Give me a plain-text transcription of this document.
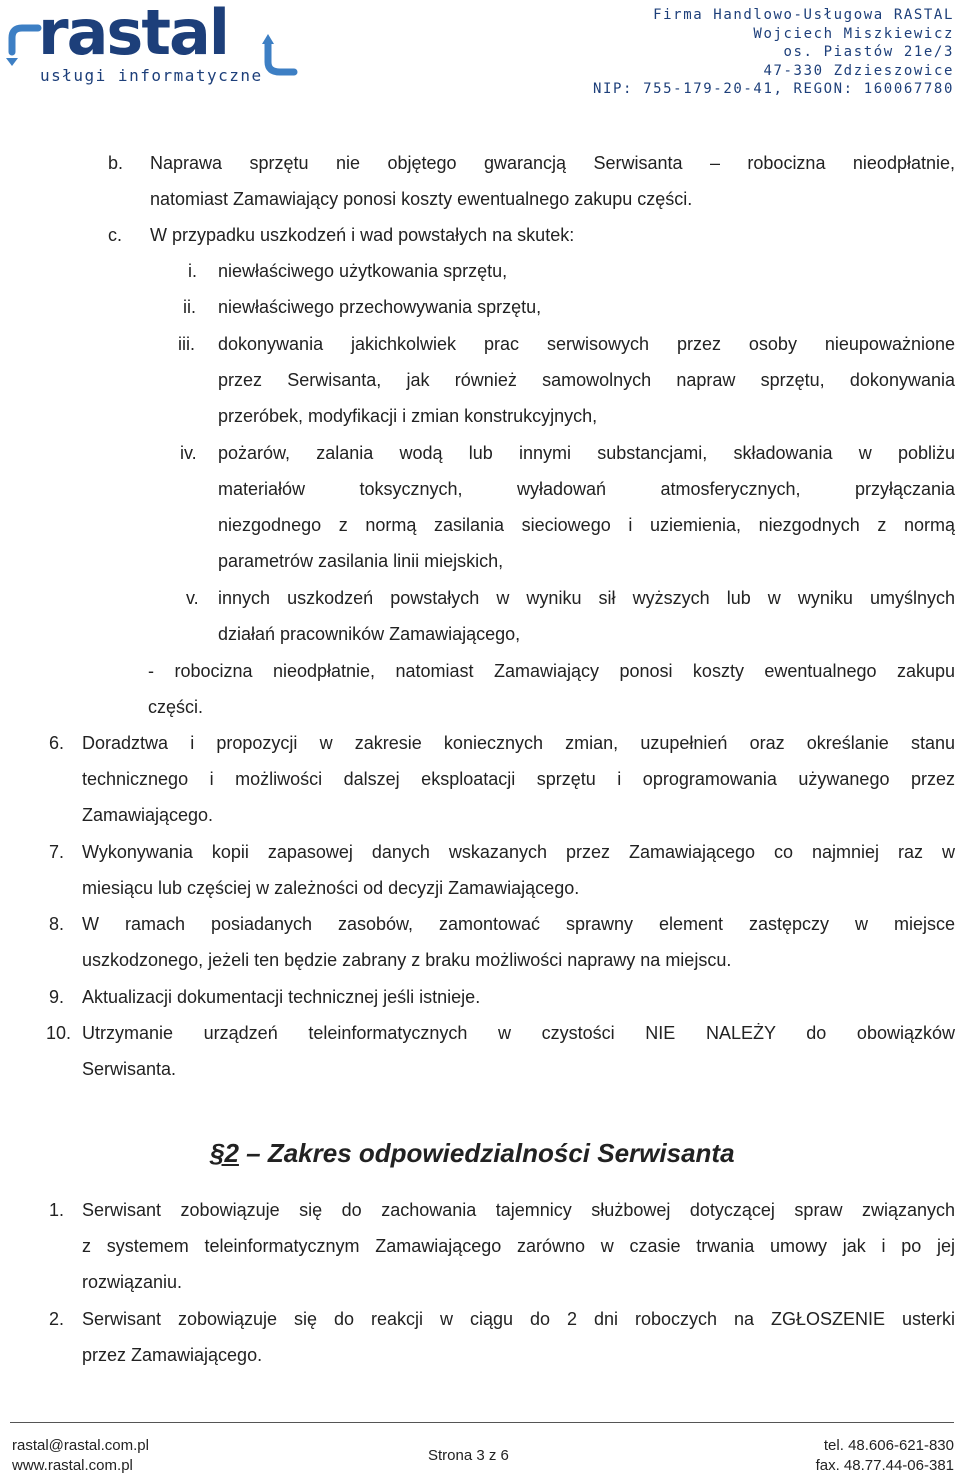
rastal
usługi informatyczne
Firma Handlowo-Usługowa RASTAL
Wojciech Miszkiewicz
os. Piastów 21e/3
47-330 Zdzieszowice
NIP: 755-179-20-41, REGON: 160067780
b. Naprawa sprzętu nie objętego gwarancją Serwisanta – robocizna nieodpłatnie,
natomiast Zamawiający ponosi koszty ewentualnego zakupu części.
c. W przypadku uszkodzeń i wad powstałych na skutek:
i. niewłaściwego użytkowania sprzętu,
ii. niewłaściwego przechowywania sprzętu,
iii. dokonywania jakichkolwiek prac serwisowych przez osoby nieupoważnione
przez Serwisanta, jak również samowolnych napraw sprzętu, dokonywania
przeróbek, modyfikacji i zmian konstrukcyjnych,
iv. pożarów, zalania wodą lub innymi substancjami, składowania w pobliżu
materiałów toksycznych, wyładowań atmosferycznych, przyłączania
niezgodnego z normą zasilania sieciowego i uziemienia, niezgodnych z normą
parametrów zasilania linii miejskich,
v. innych uszkodzeń powstałych w wyniku sił wyższych lub w wyniku umyślnych
działań pracowników Zamawiającego,
- robocizna nieodpłatnie, natomiast Zamawiający ponosi koszty ewentualnego zakupu
części.
6. Doradztwa i propozycji w zakresie koniecznych zmian, uzupełnień oraz określanie stanu
technicznego i możliwości dalszej eksploatacji sprzętu i oprogramowania używanego przez
Zamawiającego.
7. Wykonywania kopii zapasowej danych wskazanych przez Zamawiającego co najmniej raz w
miesiącu lub częściej w zależności od decyzji Zamawiającego.
8. W ramach posiadanych zasobów, zamontować sprawny element zastępczy w miejsce
uszkodzonego, jeżeli ten będzie zabrany z braku możliwości naprawy na miejscu.
9. Aktualizacji dokumentacji technicznej jeśli istnieje.
10. Utrzymanie urządzeń teleinformatycznych w czystości NIE NALEŻY do obowiązków
Serwisanta.
§2 – Zakres odpowiedzialności Serwisanta
1. Serwisant zobowiązuje się do zachowania tajemnicy służbowej dotyczącej spraw związanych
z systemem teleinformatycznym Zamawiającego zarówno w czasie trwania umowy jak i po jej
rozwiązaniu.
2. Serwisant zobowiązuje się do reakcji w ciągu do 2 dni roboczych na ZGŁOSZENIE usterki
przez Zamawiającego.
rastal@rastal.com.pl
www.rastal.com.pl
Strona 3 z 6
tel. 48.606-621-830
fax. 48.77.44-06-381
